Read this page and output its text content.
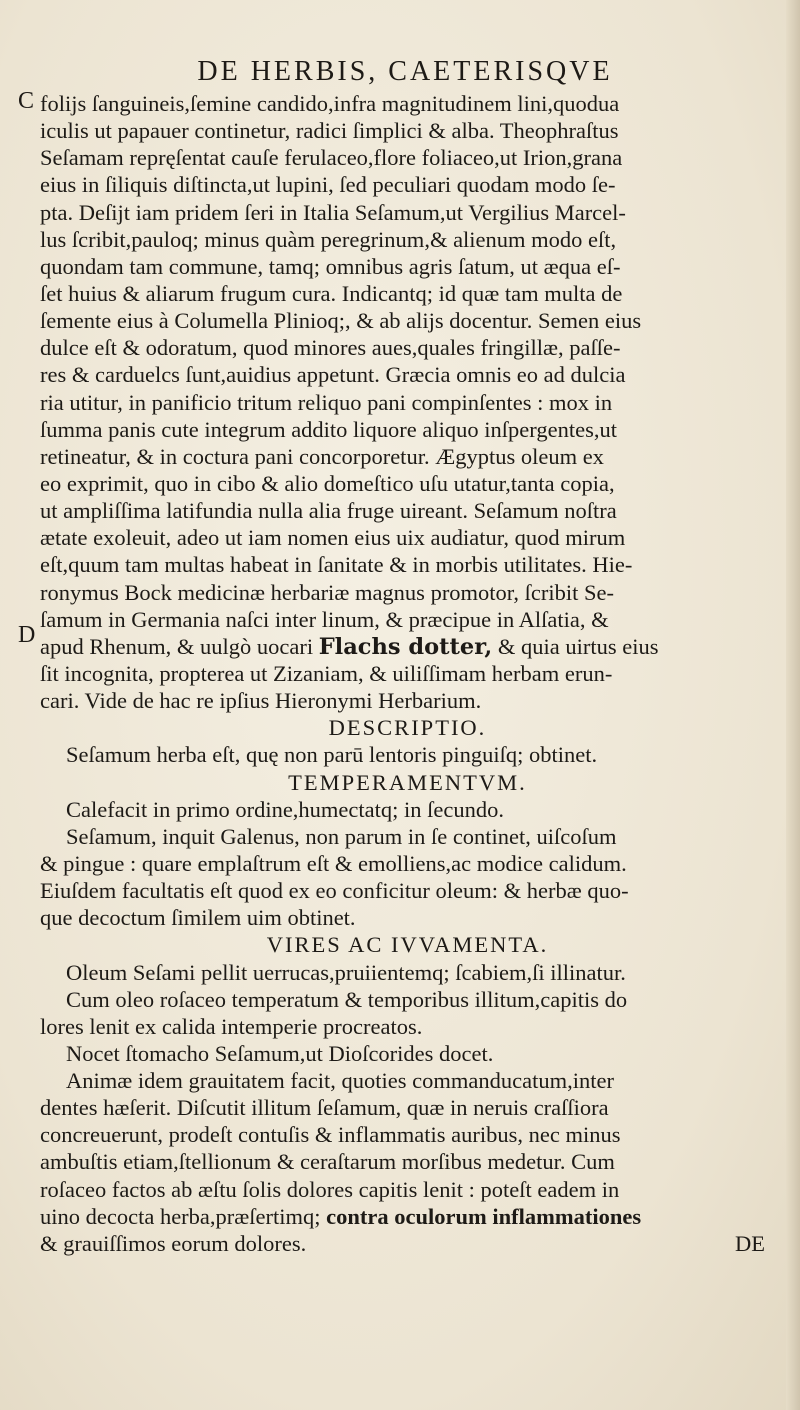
DE HERBIS, CAETERISQVE
C
D
folijs ſanguineis,ſemine candido,infra magnitudinem lini,quodua
iculis ut papauer continetur, radici ſimplici & alba. Theophraſtus
Seſamam repręſentat cauſe ferulaceo,flore foliaceo,ut Irion,grana
eius in ſiliquis diſtincta,ut lupini, ſed peculiari quodam modo ſe-
pta. Deſijt iam pridem ſeri in Italia Seſamum,ut Vergilius Marcel-
lus ſcribit,pauloq; minus quàm peregrinum,& alienum modo eſt,
quondam tam commune, tamq; omnibus agris ſatum, ut æqua eſ-
ſet huius & aliarum frugum cura. Indicantq; id quæ tam multa de
ſemente eius à Columella Plinioq;, & ab alijs docentur. Semen eius
dulce eſt & odoratum, quod minores aues,quales fringillæ, paſſe-
res & carduelcs ſunt,auidius appetunt. Græcia omnis eo ad dulcia
ria utitur, in panificio tritum reliquo pani compinſentes : mox in
ſumma panis cute integrum addito liquore aliquo inſpergentes,ut
retineatur, & in coctura pani concorporetur. Ægyptus oleum ex
eo exprimit, quo in cibo & alio domeſtico uſu utatur,tanta copia,
ut ampliſſima latifundia nulla alia fruge uireant. Seſamum noſtra
ætate exoleuit, adeo ut iam nomen eius uix audiatur, quod mirum
eſt,quum tam multas habeat in ſanitate & in morbis utilitates. Hie-
ronymus Bock medicinæ herbariæ magnus promotor, ſcribit Se-
ſamum in Germania naſci inter linum, & præcipue in Alſatia, &
apud Rhenum, & uulgò uocari Flachs dotter, & quia uirtus eius
ſit incognita, propterea ut Zizaniam, & uiliſſimam herbam erun-
cari. Vide de hac re ipſius Hieronymi Herbarium.
DESCRIPTIO.
Seſamum herba eſt, quę non parū lentoris pinguiſq; obtinet.
TEMPERAMENTVM.
Calefacit in primo ordine,humectatq; in ſecundo.
Seſamum, inquit Galenus, non parum in ſe continet, uiſcoſum
& pingue : quare emplaſtrum eſt & emolliens,ac modice calidum.
Eiuſdem facultatis eſt quod ex eo conficitur oleum: & herbæ quo-
que decoctum ſimilem uim obtinet.
VIRES AC IVVAMENTA.
Oleum Seſami pellit uerrucas,pruiientemq; ſcabiem,ſi illinatur.
Cum oleo roſaceo temperatum & temporibus illitum,capitis do
lores lenit ex calida intemperie procreatos.
Nocet ſtomacho Seſamum,ut Dioſcorides docet.
Animæ idem grauitatem facit, quoties commanducatum,inter
dentes hæſerit. Diſcutit illitum ſeſamum, quæ in neruis craſſiora
concreuerunt, prodeſt contuſis & inflammatis auribus, nec minus
ambuſtis etiam,ſtellionum & ceraſtarum morſibus medetur. Cum
roſaceo factos ab æſtu ſolis dolores capitis lenit : poteſt eadem in
uino decocta herba,præſertimq; contra oculorum inflammationes
& grauiſſimos eorum dolores.	DE
